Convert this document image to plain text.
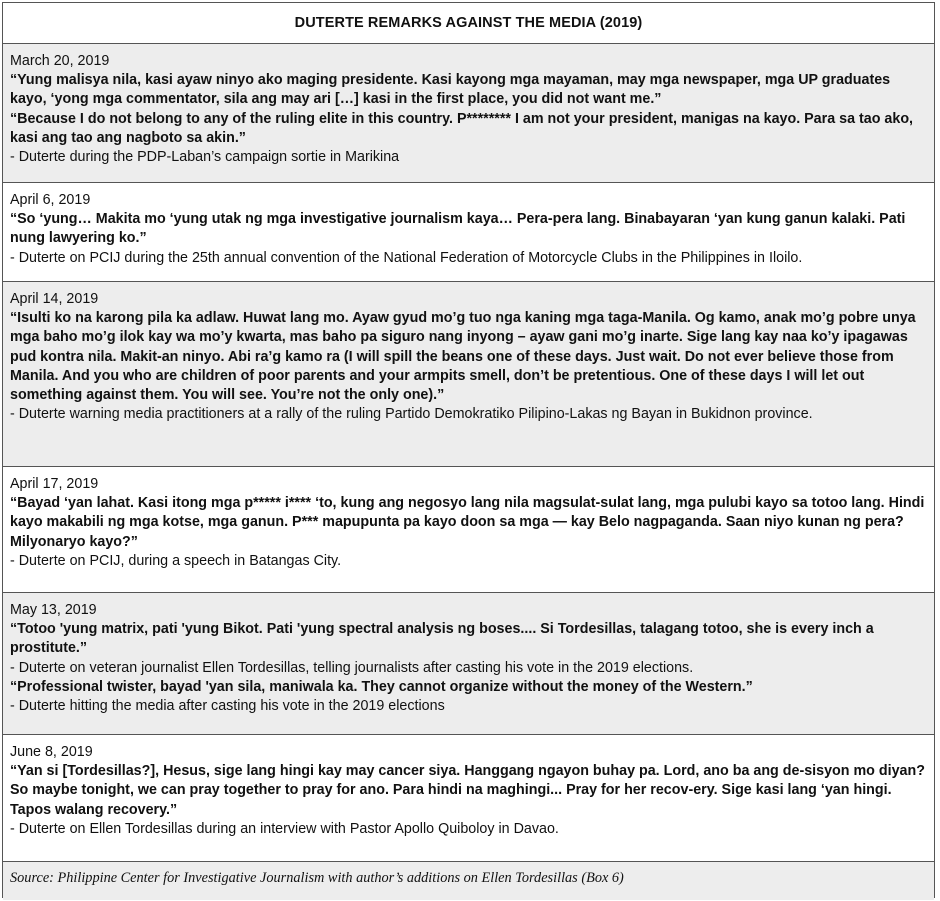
DUTERTE REMARKS AGAINST THE MEDIA (2019)
March 20, 2019
“Yung malisya nila, kasi ayaw ninyo ako maging presidente. Kasi kayong mga mayaman, may mga newspaper, mga UP graduates kayo, ‘yong mga commentator, sila ang may ari […] kasi in the first place, you did not want me.”
“Because I do not belong to any of the ruling elite in this country. P******** I am not your president, manigas na kayo. Para sa tao ako, kasi ang tao ang nagboto sa akin.”
- Duterte during the PDP-Laban’s campaign sortie in Marikina
April 6, 2019
“So ‘yung… Makita mo ‘yung utak ng mga investigative journalism kaya… Pera-pera lang. Binabayaran ‘yan kung ganun kalaki. Pati nung lawyering ko.”
- Duterte on PCIJ during the 25th annual convention of the National Federation of Motorcycle Clubs in the Philippines in Iloilo.
April 14, 2019
“Isulti ko na karong pila ka adlaw. Huwat lang mo. Ayaw gyud mo’g tuo nga kaning mga taga-Manila. Og kamo, anak mo’g pobre unya mga baho mo’g ilok kay wa mo’y kwarta, mas baho pa siguro nang inyong – ayaw gani mo’g inarte. Sige lang kay naa ko’y ipagawas pud kontra nila. Makit-an ninyo. Abi ra’g kamo ra (I will spill the beans one of these days. Just wait. Do not ever believe those from Manila. And you who are children of poor parents and your armpits smell, don’t be pretentious. One of these days I will let out something against them. You will see. You’re not the only one).”
- Duterte warning media practitioners at a rally of the ruling Partido Demokratiko Pilipino-Lakas ng Bayan in Bukidnon province.
April 17, 2019
“Bayad ‘yan lahat. Kasi itong mga p***** i**** ‘to, kung ang negosyo lang nila magsulat-sulat lang, mga pulubi kayo sa totoo lang. Hindi kayo makabili ng mga kotse, mga ganun. P*** mapupunta pa kayo doon sa mga — kay Belo nagpaganda. Saan niyo kunan ng pera? Milyonaryo kayo?”
- Duterte on PCIJ, during a speech in Batangas City.
May 13, 2019
“Totoo 'yung matrix, pati 'yung Bikot. Pati 'yung spectral analysis ng boses.... Si Tordesillas, talagang totoo, she is every inch a prostitute.”
- Duterte on veteran journalist Ellen Tordesillas, telling journalists after casting his vote in the 2019 elections.
“Professional twister, bayad 'yan sila, maniwala ka. They cannot organize without the money of the Western.”
- Duterte hitting the media after casting his vote in the 2019 elections
June 8, 2019
“Yan si [Tordesillas?], Hesus, sige lang hingi kay may cancer siya. Hanggang ngayon buhay pa. Lord, ano ba ang de-sisyon mo diyan? So maybe tonight, we can pray together to pray for ano. Para hindi na maghingi... Pray for her recov-ery. Sige kasi lang ‘yan hingi. Tapos walang recovery.”
- Duterte on Ellen Tordesillas during an interview with Pastor Apollo Quiboloy in Davao.
Source: Philippine Center for Investigative Journalism with author’s additions on Ellen Tordesillas (Box 6)
